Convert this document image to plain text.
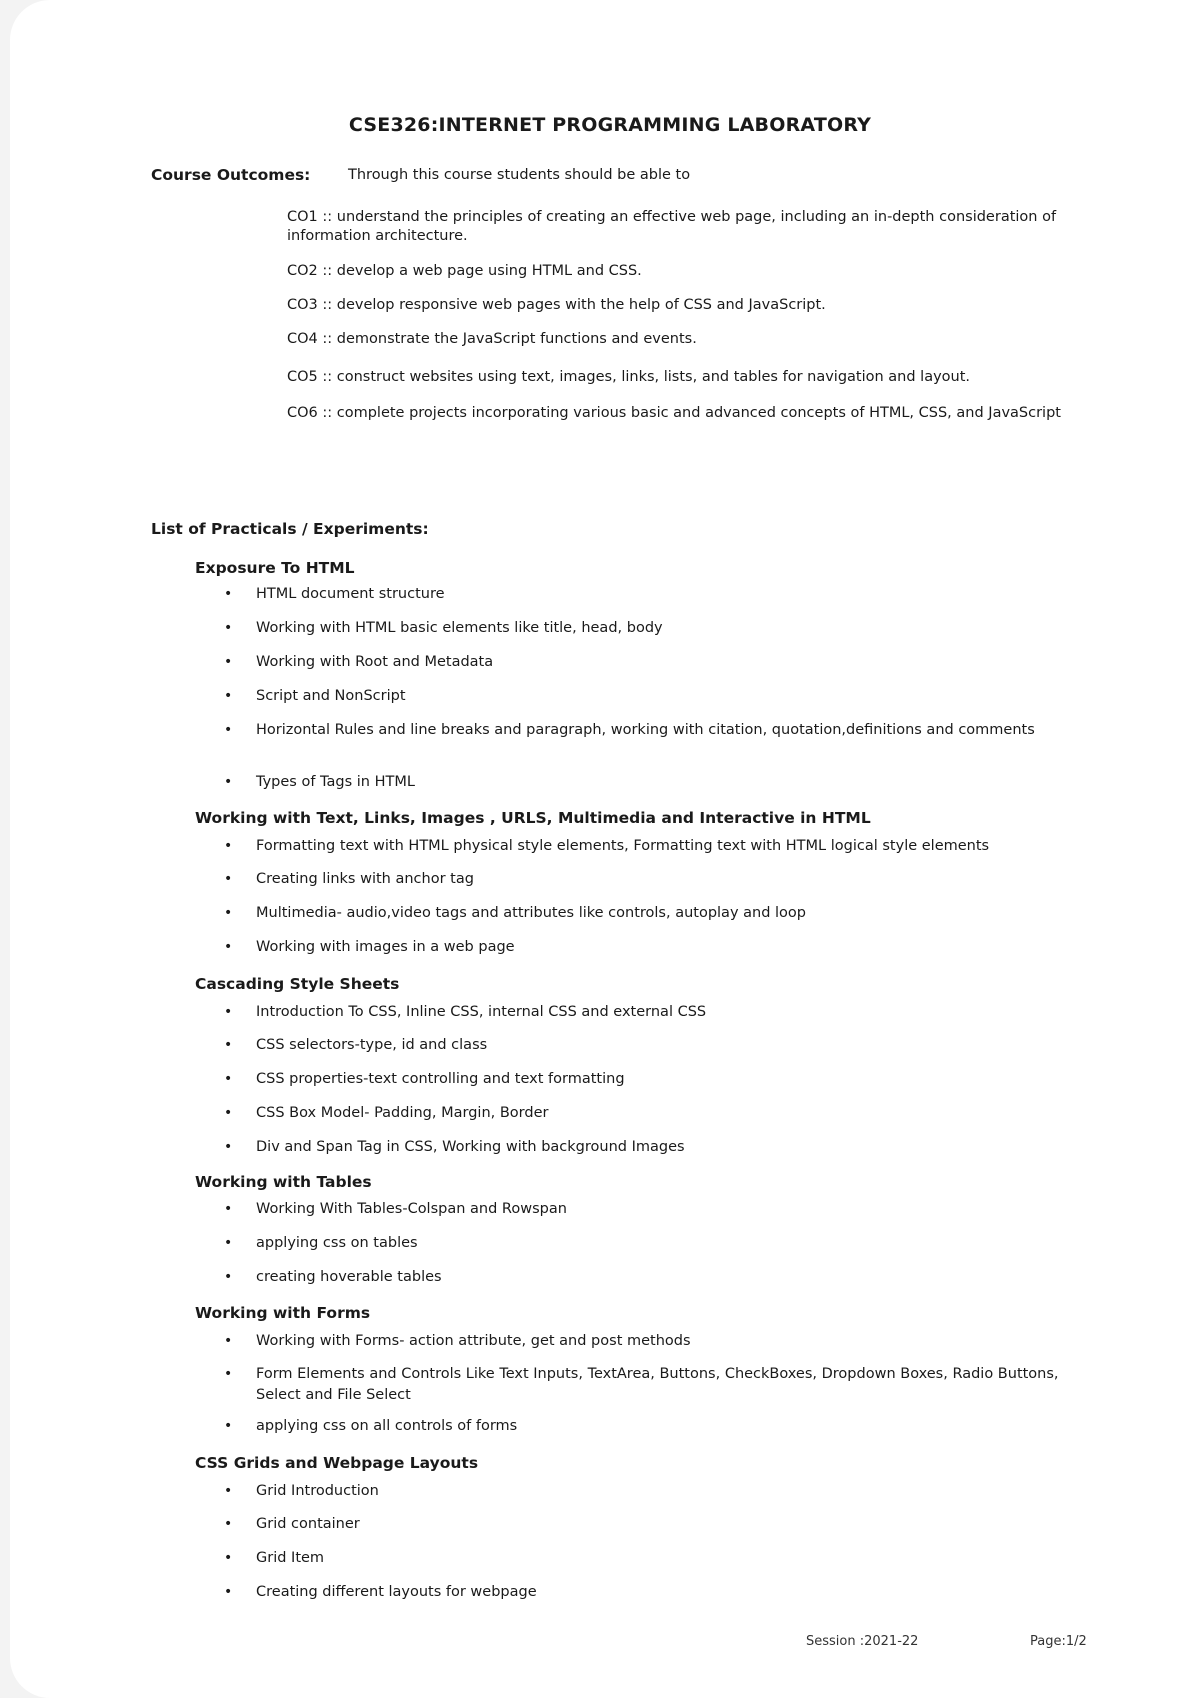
CSE326:INTERNET PROGRAMMING LABORATORY
Course Outcomes:	Through this course students should be able to
CO1 :: understand the principles of creating an effective web page, including an in-depth consideration of information architecture.
CO2 :: develop a web page using HTML and CSS.
CO3 :: develop responsive web pages with the help of CSS and JavaScript.
CO4 :: demonstrate the JavaScript functions and events.
CO5 :: construct websites using text, images, links, lists, and tables for navigation and layout.
CO6 :: complete projects incorporating various basic and advanced concepts of HTML, CSS, and JavaScript
List of Practicals / Experiments:
Exposure To HTML
• HTML document structure
• Working with HTML basic elements like title, head, body
• Working with Root and Metadata
• Script and NonScript
• Horizontal Rules and line breaks and paragraph, working with citation, quotation,definitions and comments
• Types of Tags in HTML
Working with Text, Links, Images , URLS, Multimedia and Interactive in HTML
• Formatting text with HTML physical style elements, Formatting text with HTML logical style elements
• Creating links with anchor tag
• Multimedia- audio,video tags and attributes like controls, autoplay and loop
• Working with images in a web page
Cascading Style Sheets
• Introduction To CSS, Inline CSS, internal CSS and external CSS
• CSS selectors-type, id and class
• CSS properties-text controlling and text formatting
• CSS Box Model- Padding, Margin, Border
• Div and Span Tag in CSS, Working with background Images
Working with Tables
• Working With Tables-Colspan and Rowspan
• applying css on tables
• creating hoverable tables
Working with Forms
• Working with Forms- action attribute, get and post methods
• Form Elements and Controls Like Text Inputs, TextArea, Buttons, CheckBoxes, Dropdown Boxes, Radio Buttons, Select and File Select
• applying css on all controls of forms
CSS Grids and Webpage Layouts
• Grid Introduction
• Grid container
• Grid Item
• Creating different layouts for webpage
Session :2021-22	Page:1/2
